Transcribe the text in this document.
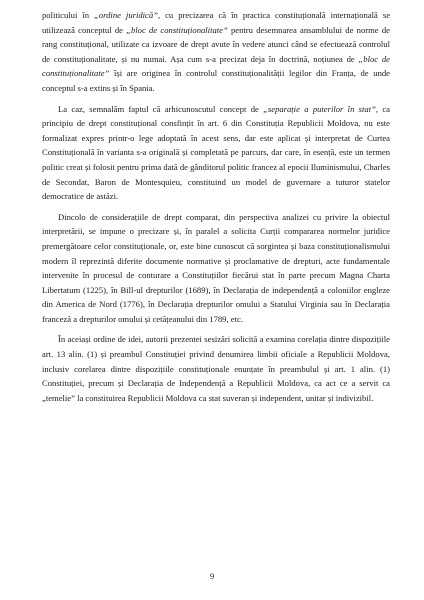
politicului în „ordine juridică”, cu precizarea că în practica constituțională internațională se utilizează conceptul de „bloc de constituționalitate” pentru desemnarea ansamblului de norme de rang constituțional, utilizate ca izvoare de drept avute în vedere atunci când se efectuează controlul de constituționalitate, și nu numai. Așa cum s-a precizat deja în doctrină, noțiunea de „bloc de constituționalitate” își are originea în controlul constituționalității legilor din Franța, de unde conceptul s-a extins și în Spania.

La caz, semnalăm faptul că arhicunoscutul concept de „separație a puterilor în stat”, ca principiu de drept constituțional consfințit în art. 6 din Constituția Republicii Moldova, nu este formalizat expres printr-o lege adoptată în acest sens, dar este aplicat și interpretat de Curtea Constituțională în varianta s-a originală și completată pe parcurs, dar care, în esență, este un termen politic creat și folosit pentru prima dată de gânditorul politic francez al epocii Iluminismului, Charles de Secondat, Baron de Montesquieu, constituind un model de guvernare a tuturor statelor democratice de astăzi.

Dincolo de considerațiile de drept comparat, din perspectiva analizei cu privire la obiectul interpretării, se impune o precizare și, în paralel a solicita Curții compararea normelor juridice premergătoare celor constituționale, or, este bine cunoscut că sorgintea și baza constituționalismului modern îl reprezintă diferite documente normative și proclamative de drepturi, acte fundamentale intervenite în procesul de conturare a Constituțiilor fiecărui stat în parte precum Magna Charta Libertatum (1225), în Bill-ul drepturilor (1689), în Declarația de independență a coloniilor engleze din America de Nord (1776), în Declarația drepturilor omului a Statului Virginia sau în Declarația franceză a drepturilor omului și cetățeanului din 1789, etc.

În aceiași ordine de idei, autorii prezentei sesizări solicită a examina corelația dintre dispozițiile art. 13 alin. (1) și preambul Constituției privind denumirea limbii oficiale a Republicii Moldova, inclusiv corelarea dintre dispozițiile constituționale enunțate în preambulul și art. 1 alin. (1) Constituției, precum și Declarația de Independență a Republicii Moldova, ca act ce a servit ca „temelie” la constituirea Republicii Moldova ca stat suveran și independent, unitar și indivizibil.

9
